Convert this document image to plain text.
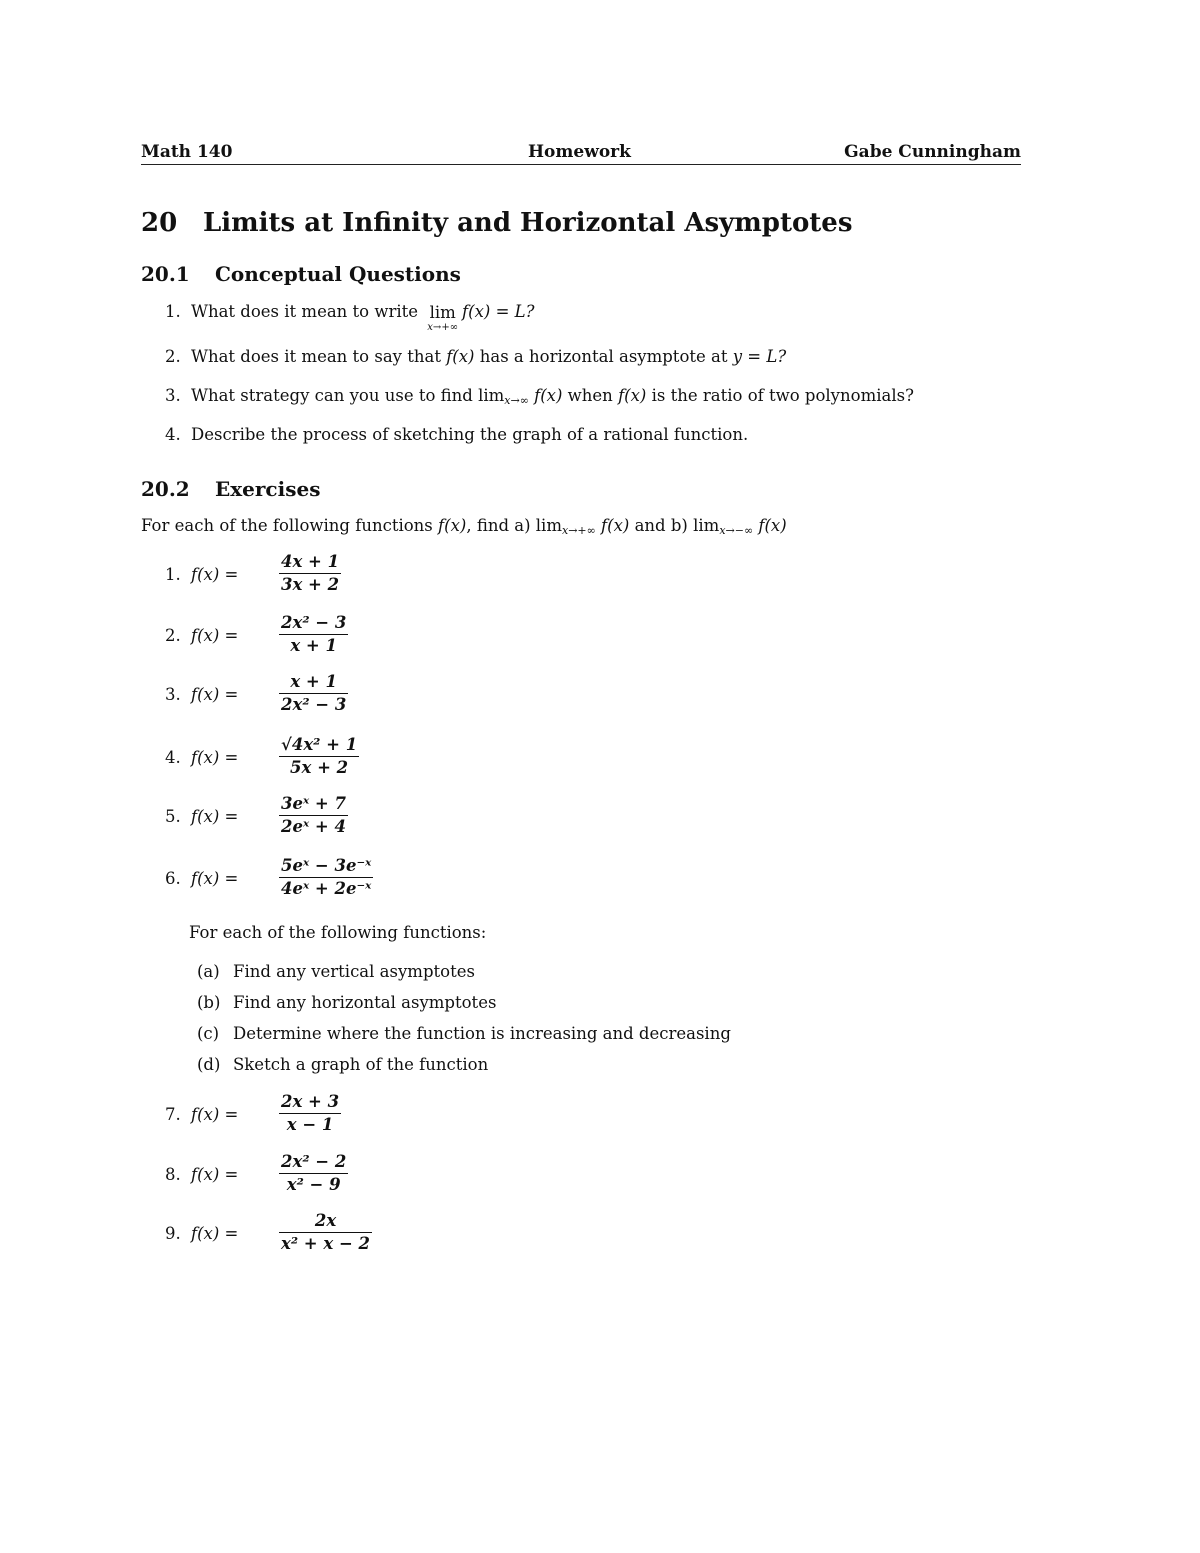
Math 140	Homework	Gabe Cunningham
20 Limits at Infinity and Horizontal Asymptotes
20.1 Conceptual Questions
1. What does it mean to write lim
x→+∞
f(x) = L?
2. What does it mean to say that f(x) has a horizontal asymptote at y = L?
3. What strategy can you use to find $\lim_{x\to\infty} f(x)$ when f(x) is the ratio of two polynomials?
4. Describe the process of sketching the graph of a rational function.
20.2 Exercises
For each of the following functions f(x), find a) $\lim_{x\to+\infty} f(x)$ and b) $\lim_{x\to-\infty} f(x)$
1. $f(x) = \frac{4x + 1}{3x + 2}$
2. $f(x) = \frac{\text{2x² − 3}}{x + 1}$
3. $f(x) = \frac{x + 1}{\text{2x² − 3}}$
4. $f(x) = \frac{\text{√4x² + 1}}{5x + 2}$
5. $f(x) = \frac{\text{3eˣ + 7}}{\text{2eˣ + 4}}$
6. $f(x) = \frac{\text{5eˣ − 3e⁻ˣ}}{\text{4eˣ + 2e⁻ˣ}}$
For each of the following functions:
(a) Find any vertical asymptotes
(b) Find any horizontal asymptotes
(c) Determine where the function is increasing and decreasing
(d) Sketch a graph of the function
7. $f(x) = \frac{2x + 3}{x - 1}$
8. $f(x) = \frac{\text{2x² − 2}}{\text{x² − 9}}$
9. $f(x) = \frac{2x}{\text{x² + x − 2}}$
